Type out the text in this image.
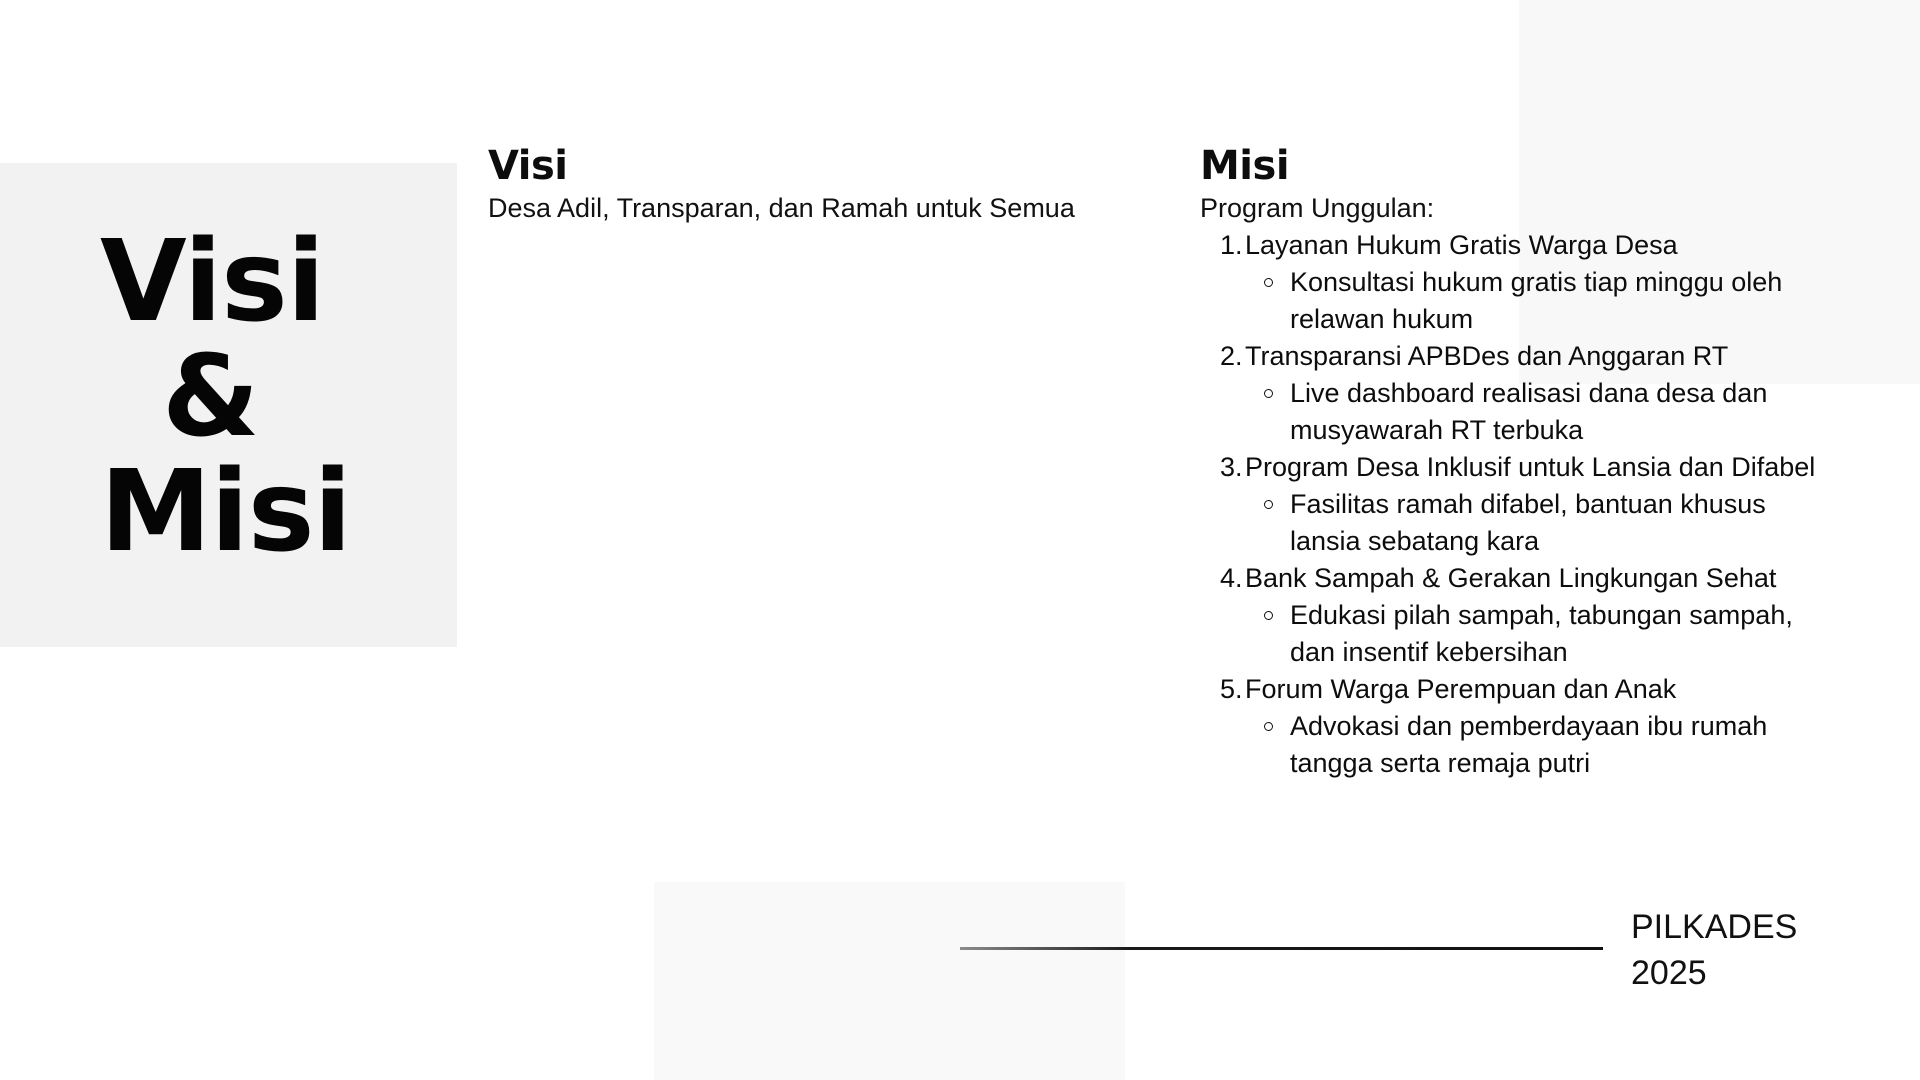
Visi
&
Misi
Visi

Desa Adil, Transparan, dan Ramah untuk Semua

Misi

Program Unggulan:

1. Layanan Hukum Gratis Warga Desa
Konsultasi hukum gratis tiap minggu oleh relawan hukum
2. Transparansi APBDes dan Anggaran RT
Live dashboard realisasi dana desa dan musyawarah RT terbuka
3. Program Desa Inklusif untuk Lansia dan Difabel
Fasilitas ramah difabel, bantuan khusus lansia sebatang kara
4. Bank Sampah & Gerakan Lingkungan Sehat
Edukasi pilah sampah, tabungan sampah, dan insentif kebersihan
5. Forum Warga Perempuan dan Anak
Advokasi dan pemberdayaan ibu rumah tangga serta remaja putri
PILKADES
2025
